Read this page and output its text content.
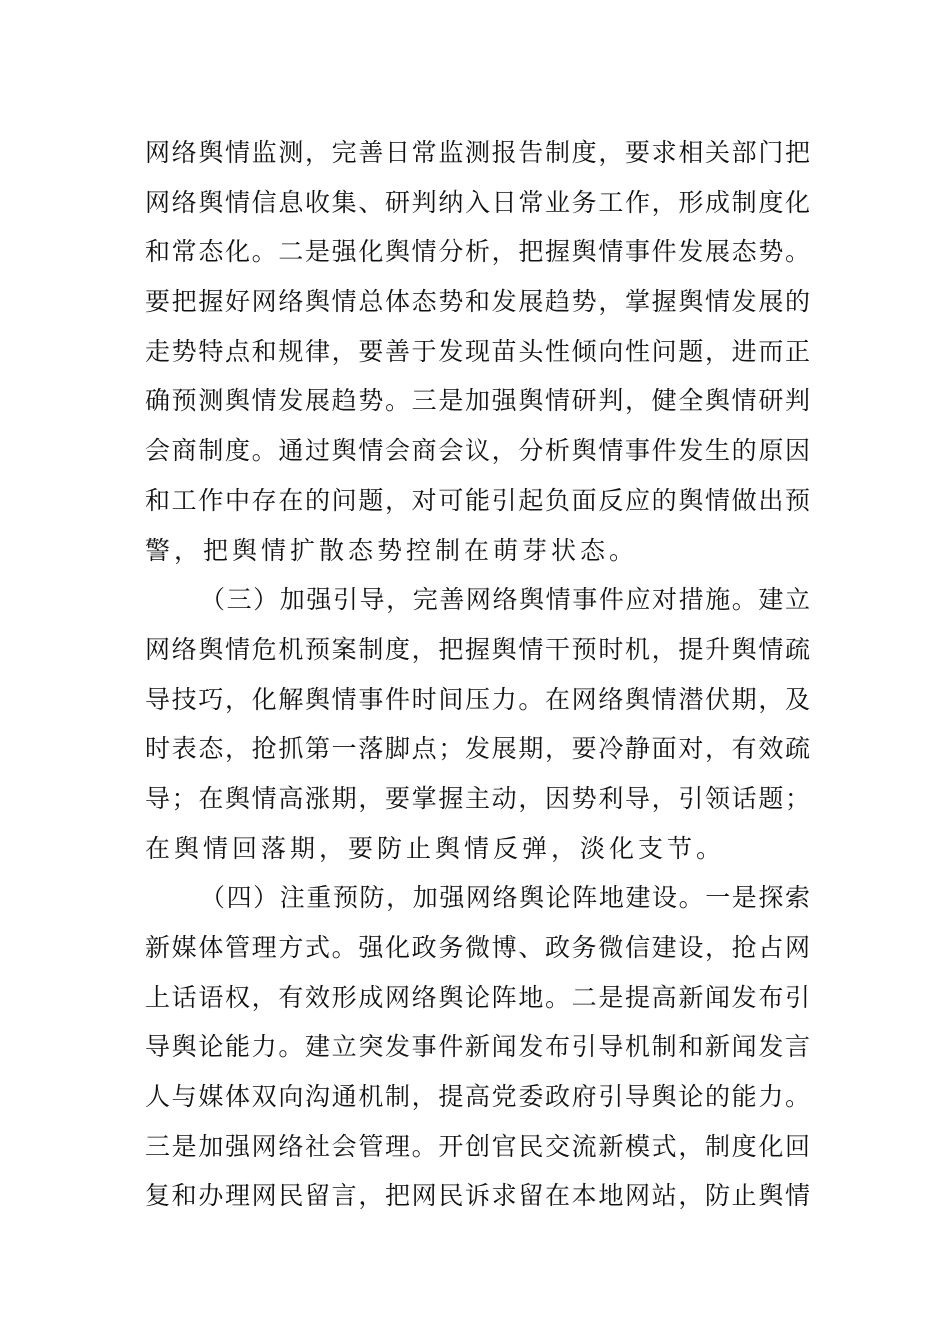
网络舆情监测，完善日常监测报告制度，要求相关部门把
网络舆情信息收集、研判纳入日常业务工作，形成制度化
和常态化。二是强化舆情分析，把握舆情事件发展态势。
要把握好网络舆情总体态势和发展趋势，掌握舆情发展的
走势特点和规律，要善于发现苗头性倾向性问题，进而正
确预测舆情发展趋势。三是加强舆情研判，健全舆情研判
会商制度。通过舆情会商会议，分析舆情事件发生的原因
和工作中存在的问题，对可能引起负面反应的舆情做出预
警，把舆情扩散态势控制在萌芽状态。
（三）加强引导，完善网络舆情事件应对措施。建立
网络舆情危机预案制度，把握舆情干预时机，提升舆情疏
导技巧，化解舆情事件时间压力。在网络舆情潜伏期，及
时表态，抢抓第一落脚点；发展期，要冷静面对，有效疏
导；在舆情高涨期，要掌握主动，因势利导，引领话题；
在舆情回落期，要防止舆情反弹，淡化支节。
（四）注重预防，加强网络舆论阵地建设。一是探索
新媒体管理方式。强化政务微博、政务微信建设，抢占网
上话语权，有效形成网络舆论阵地。二是提高新闻发布引
导舆论能力。建立突发事件新闻发布引导机制和新闻发言
人与媒体双向沟通机制，提高党委政府引导舆论的能力。
三是加强网络社会管理。开创官民交流新模式，制度化回
复和办理网民留言，把网民诉求留在本地网站，防止舆情
